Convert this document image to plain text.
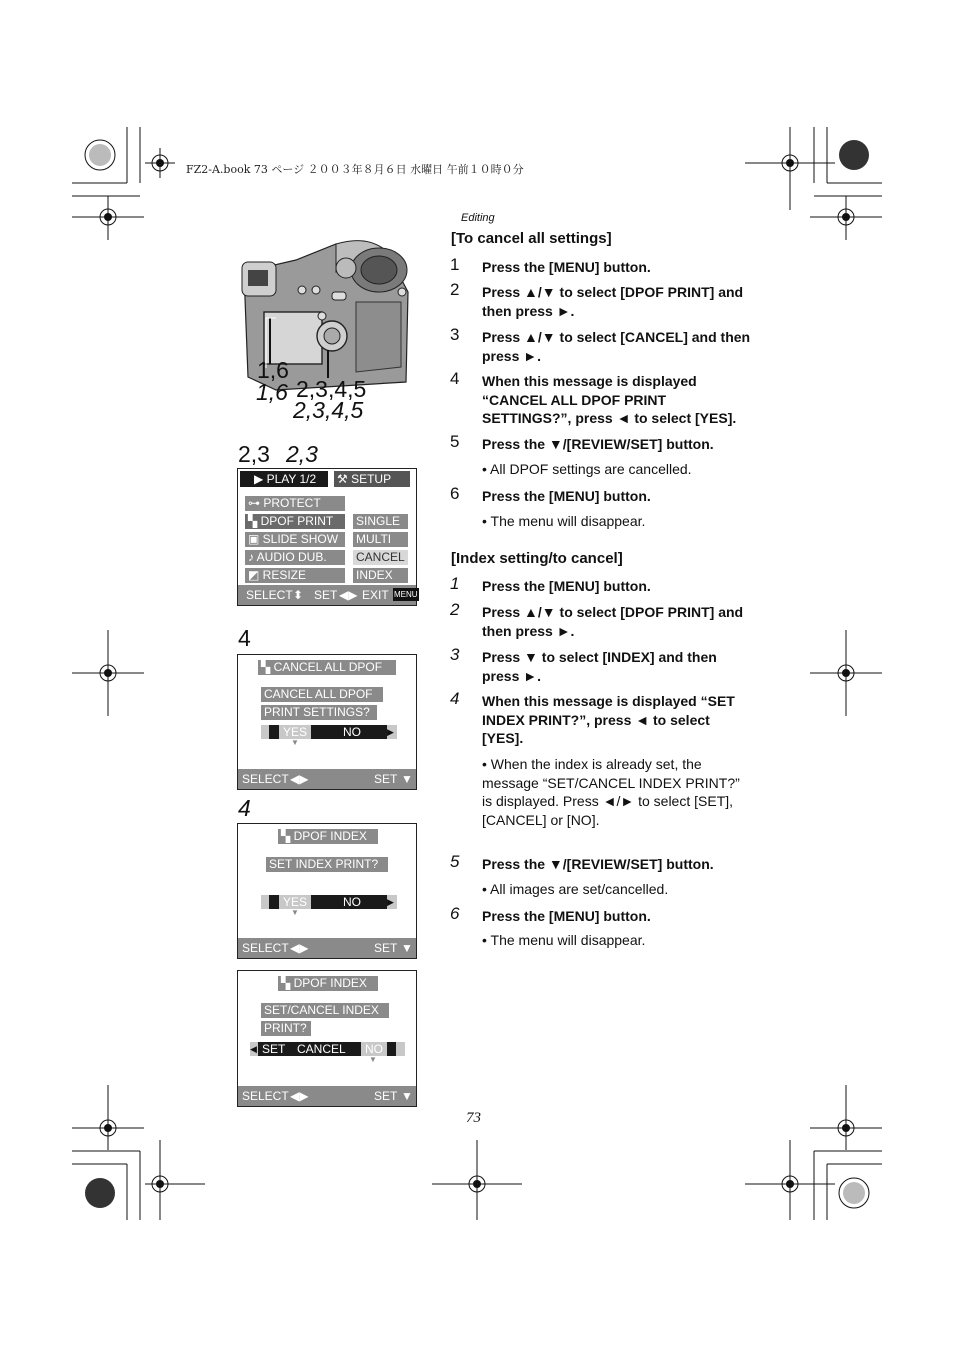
FZ2-A.book 73 ページ ２００３年８月６日 水曜日 午前１０時０分
1,6
1,6 2,3,4,5
2,3,4,5
2,3 2,3
▶ PLAY 1/2	⚒ SETUP
⊶ PROTECT
▚ DPOF PRINT
▣ SLIDE SHOW
♪ AUDIO DUB.
◩ RESIZE
SINGLE
MULTI
CANCEL
INDEX
SELECT ⬍ SET ◀▶ EXIT MENU
4
▚ CANCEL ALL DPOF
CANCEL ALL DPOF
PRINT SETTINGS?
YES	NO	▶
▼
SELECT ◀▶	SET ▼
4
▚ DPOF INDEX
SET INDEX PRINT?
YES	NO	▶
▼
SELECT ◀▶	SET ▼
▚ DPOF INDEX
SET/CANCEL INDEX
PRINT?
◀ SET CANCEL	NO
▼
SELECT ◀▶	SET ▼
Editing
[To cancel all settings]
1 Press the [MENU] button.
2 Press ▲/▼ to select [DPOF PRINT] and then press ►.
3 Press ▲/▼ to select [CANCEL] and then press ►.
4 When this message is displayed “CANCEL ALL DPOF PRINT SETTINGS?”, press ◄ to select [YES].
5 Press the ▼/[REVIEW/SET] button.
• All DPOF settings are cancelled.
6 Press the [MENU] button.
• The menu will disappear.
[Index setting/to cancel]
1 Press the [MENU] button.
2 Press ▲/▼ to select [DPOF PRINT] and then press ►.
3 Press ▼ to select [INDEX] and then press ►.
4 When this message is displayed “SET INDEX PRINT?”, press ◄ to select [YES].
• When the index is already set, the message “SET/CANCEL INDEX PRINT?” is displayed. Press ◄/► to select [SET], [CANCEL] or [NO].
5 Press the ▼/[REVIEW/SET] button.
• All images are set/cancelled.
6 Press the [MENU] button.
• The menu will disappear.
73
